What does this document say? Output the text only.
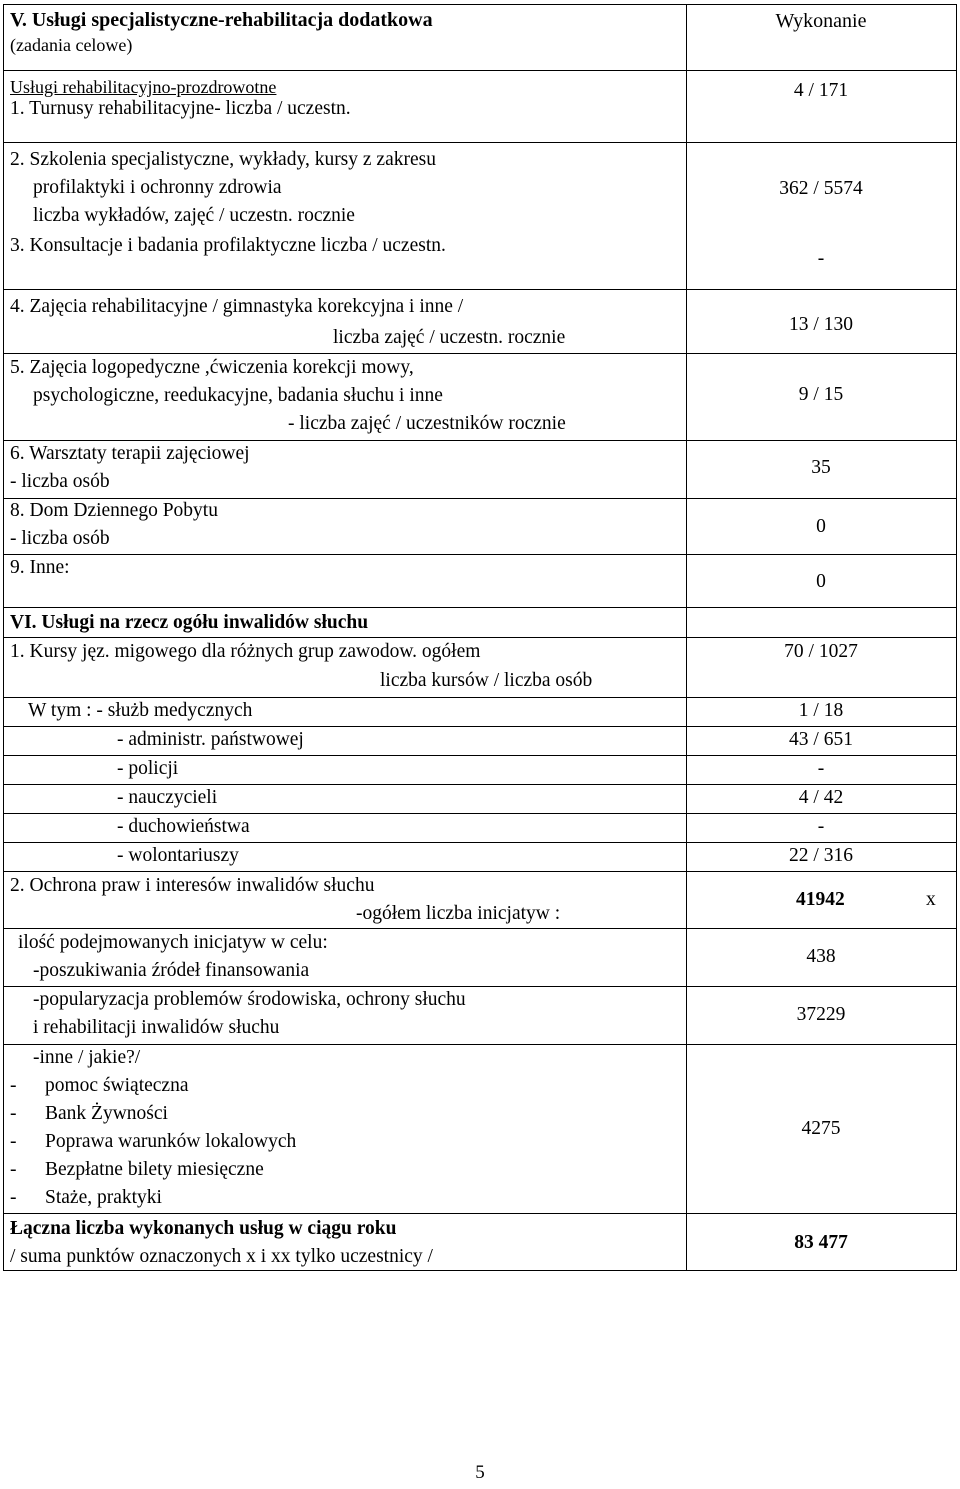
V. Usługi specjalistyczne-rehabilitacja dodatkowa
(zadania celowe)
Wykonanie
Usługi rehabilitacyjno-prozdrowotne
1. Turnusy rehabilitacyjne- liczba / uczestn.
4 / 171
2. Szkolenia specjalistyczne, wykłady, kursy z zakresu
profilaktyki i ochronny zdrowia
liczba wykładów, zajęć / uczestn. rocznie
362 / 5574
3. Konsultacje i badania profilaktyczne liczba / uczestn.
-
4. Zajęcia rehabilitacyjne / gimnastyka korekcyjna i inne /
liczba zajęć / uczestn. rocznie
13 / 130
5. Zajęcia logopedyczne ,ćwiczenia korekcji mowy,
psychologiczne, reedukacyjne, badania słuchu i inne
- liczba zajęć / uczestników rocznie
9 / 15
6. Warsztaty terapii zajęciowej
- liczba osób
35
8. Dom Dziennego Pobytu
- liczba osób
0
9. Inne:
0
VI. Usługi na rzecz ogółu inwalidów słuchu
1. Kursy jęz. migowego dla różnych grup zawodow. ogółem
liczba kursów / liczba osób
70 / 1027
W tym : - służb medycznych	1 / 18
- administr. państwowej	43 / 651
- policji	-
- nauczycieli	4 / 42
- duchowieństwa	-
- wolontariuszy	22 / 316
2. Ochrona praw i interesów inwalidów słuchu
-ogółem liczba inicjatyw :
41942	x
ilość podejmowanych inicjatyw w celu:
-poszukiwania źródeł finansowania
438
-popularyzacja problemów środowiska, ochrony słuchu
i rehabilitacji inwalidów słuchu
37229
-inne / jakie?/
- pomoc świąteczna
- Bank Żywności
- Poprawa warunków lokalowych
- Bezpłatne bilety miesięczne
- Staże, praktyki
4275
Łączna liczba wykonanych usług w ciągu roku
/ suma punktów oznaczonych x i xx tylko uczestnicy /
83 477
5
